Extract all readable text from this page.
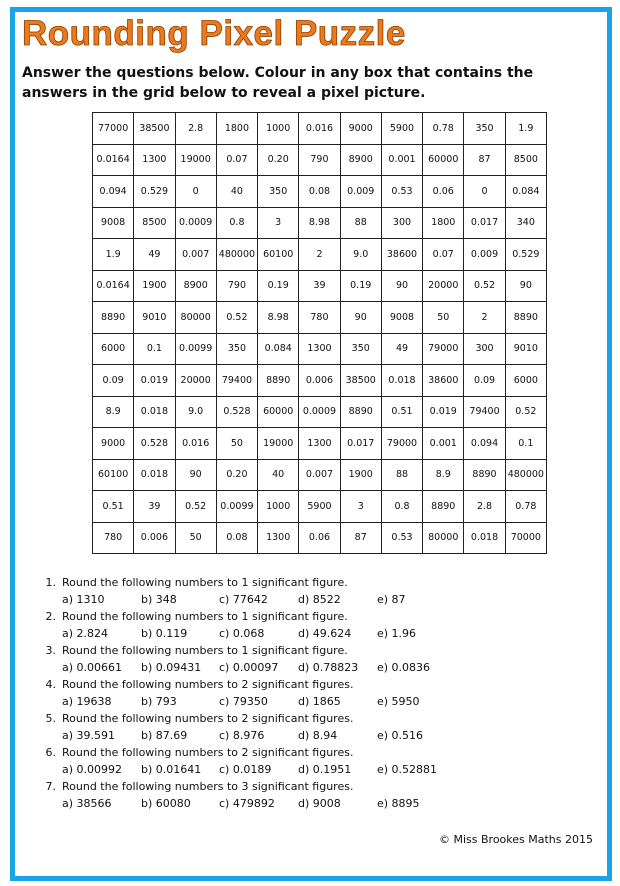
Rounding Pixel Puzzle

Answer the questions below. Colour in any box that contains the answers in the grid below to reveal a pixel picture.

77000	38500	2.8	1800	1000	0.016	9000	5900	0.78	350	1.9
0.0164	1300	19000	0.07	0.20	790	8900	0.001	60000	87	8500
0.094	0.529	0	40	350	0.08	0.009	0.53	0.06	0	0.084
9008	8500	0.0009	0.8	3	8.98	88	300	1800	0.017	340
1.9	49	0.007	480000	60100	2	9.0	38600	0.07	0.009	0.529
0.0164	1900	8900	790	0.19	39	0.19	90	20000	0.52	90
8890	9010	80000	0.52	8.98	780	90	9008	50	2	8890
6000	0.1	0.0099	350	0.084	1300	350	49	79000	300	9010
0.09	0.019	20000	79400	8890	0.006	38500	0.018	38600	0.09	6000
8.9	0.018	9.0	0.528	60000	0.0009	8890	0.51	0.019	79400	0.52
9000	0.528	0.016	50	19000	1300	0.017	79000	0.001	0.094	0.1
60100	0.018	90	0.20	40	0.007	1900	88	8.9	8890	480000
0.51	39	0.52	0.0099	1000	5900	3	0.8	8890	2.8	0.78
780	0.006	50	0.08	1300	0.06	87	0.53	80000	0.018	70000
1. Round the following numbers to 1 significant figure.
a) 1310	b) 348	c) 77642	d) 8522	e) 87
2. Round the following numbers to 1 significant figure.
a) 2.824	b) 0.119	c) 0.068	d) 49.624	e) 1.96
3. Round the following numbers to 1 significant figure.
a) 0.00661	b) 0.09431	c) 0.00097	d) 0.78823	e) 0.0836
4. Round the following numbers to 2 significant figures.
a) 19638	b) 793	c) 79350	d) 1865	e) 5950
5. Round the following numbers to 2 significant figures.
a) 39.591	b) 87.69	c) 8.976	d) 8.94	e) 0.516
6. Round the following numbers to 2 significant figures.
a) 0.00992	b) 0.01641	c) 0.0189	d) 0.1951	e) 0.52881
7. Round the following numbers to 3 significant figures.
a) 38566	b) 60080	c) 479892	d) 9008	e) 8895
© Miss Brookes Maths 2015
